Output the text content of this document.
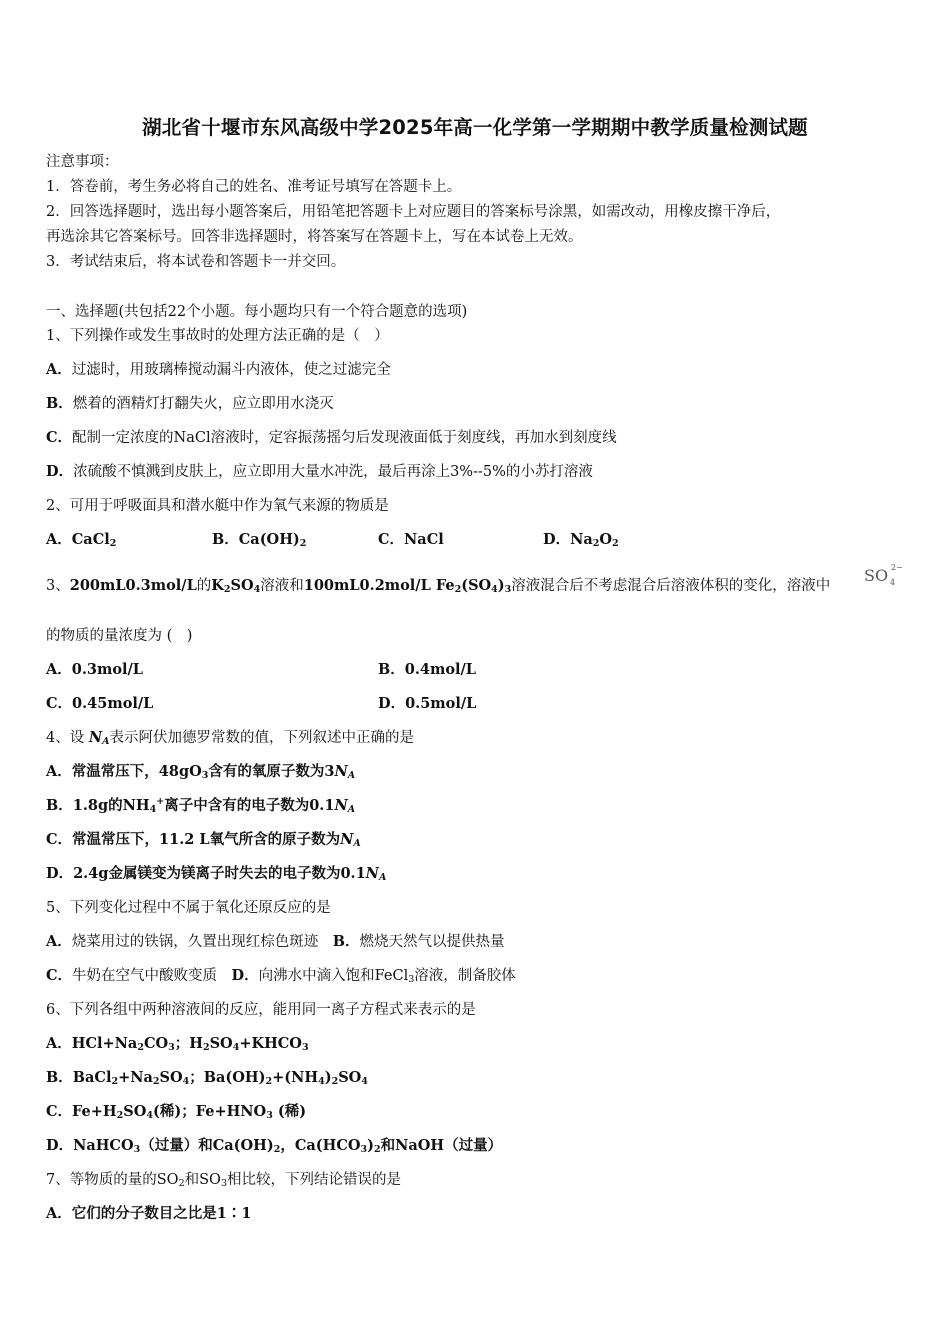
湖北省十堰市东风高级中学2025年高一化学第一学期期中教学质量检测试题
注意事项：
1．答卷前，考生务必将自己的姓名、准考证号填写在答题卡上。
2．回答选择题时，选出每小题答案后，用铅笔把答题卡上对应题目的答案标号涂黑，如需改动，用橡皮擦干净后，
再选涂其它答案标号。回答非选择题时，将答案写在答题卡上，写在本试卷上无效。
3．考试结束后，将本试卷和答题卡一并交回。
一、选择题(共包括22个小题。每小题均只有一个符合题意的选项)
1、下列操作或发生事故时的处理方法正确的是（　）
A．过滤时，用玻璃棒搅动漏斗内液体，使之过滤完全
B．燃着的酒精灯打翻失火，应立即用水浇灭
C．配制一定浓度的NaCl溶液时，定容振荡摇匀后发现液面低于刻度线，再加水到刻度线
D．浓硫酸不慎溅到皮肤上，应立即用大量水冲洗，最后再涂上3%--5%的小苏打溶液
2、可用于呼吸面具和潜水艇中作为氧气来源的物质是
A．CaCl$_2$	B．$Ca(OH)_2$	C．NaCl	D．$Na_2O_2$
3、200mL0.3mol/L的$K_2SO_4$溶液和100mL0.2mol/L $Fe_2(SO_4)_3$溶液混合后不考虑混合后溶液体积的变化，溶液中
SO 2−
4
的物质的量浓度为 (　)
A．0.3mol/L	B．0.4mol/L
C．0.45mol/L	D．0.5mol/L
4、设 $N_A$表示阿伏加德罗常数的值，下列叙述中正确的是
A．常温常压下，$48gO_3$含有的氧原子数为$3N_A$
B．1.8g的$NH_4^+$离子中含有的电子数为$0.1N_A$
C．常温常压下，11.2 L氧气所含的原子数为$N_A$
D．2.4g金属镁变为镁离子时失去的电子数为$0.1N_A$
5、下列变化过程中不属于氧化还原反应的是
A．烧菜用过的铁锅，久置出现红棕色斑迹　B．燃烧天然气以提供热量
C．牛奶在空气中酸败变质　D．向沸水中滴入饱和FeCl$_3$溶液，制备胶体
6、下列各组中两种溶液间的反应，能用同一离子方程式来表示的是
A．$HCl+Na_2CO_3$；$H_2SO_4+KHCO_3$
B．$BaCl_2+Na_2SO_4$；$Ba(OH)_2+(NH_4)_2SO_4$
C．$Fe+H_2SO_4$(稀)；$Fe+HNO_3$ (稀)
D．NaHCO$_3$（过量）和$Ca(OH)_2$，$Ca(HCO_3)_2$和NaOH（过量）
7、等物质的量的$SO_2$和$SO_3$相比较，下列结论错误的是
A．它们的分子数目之比是1∶1
